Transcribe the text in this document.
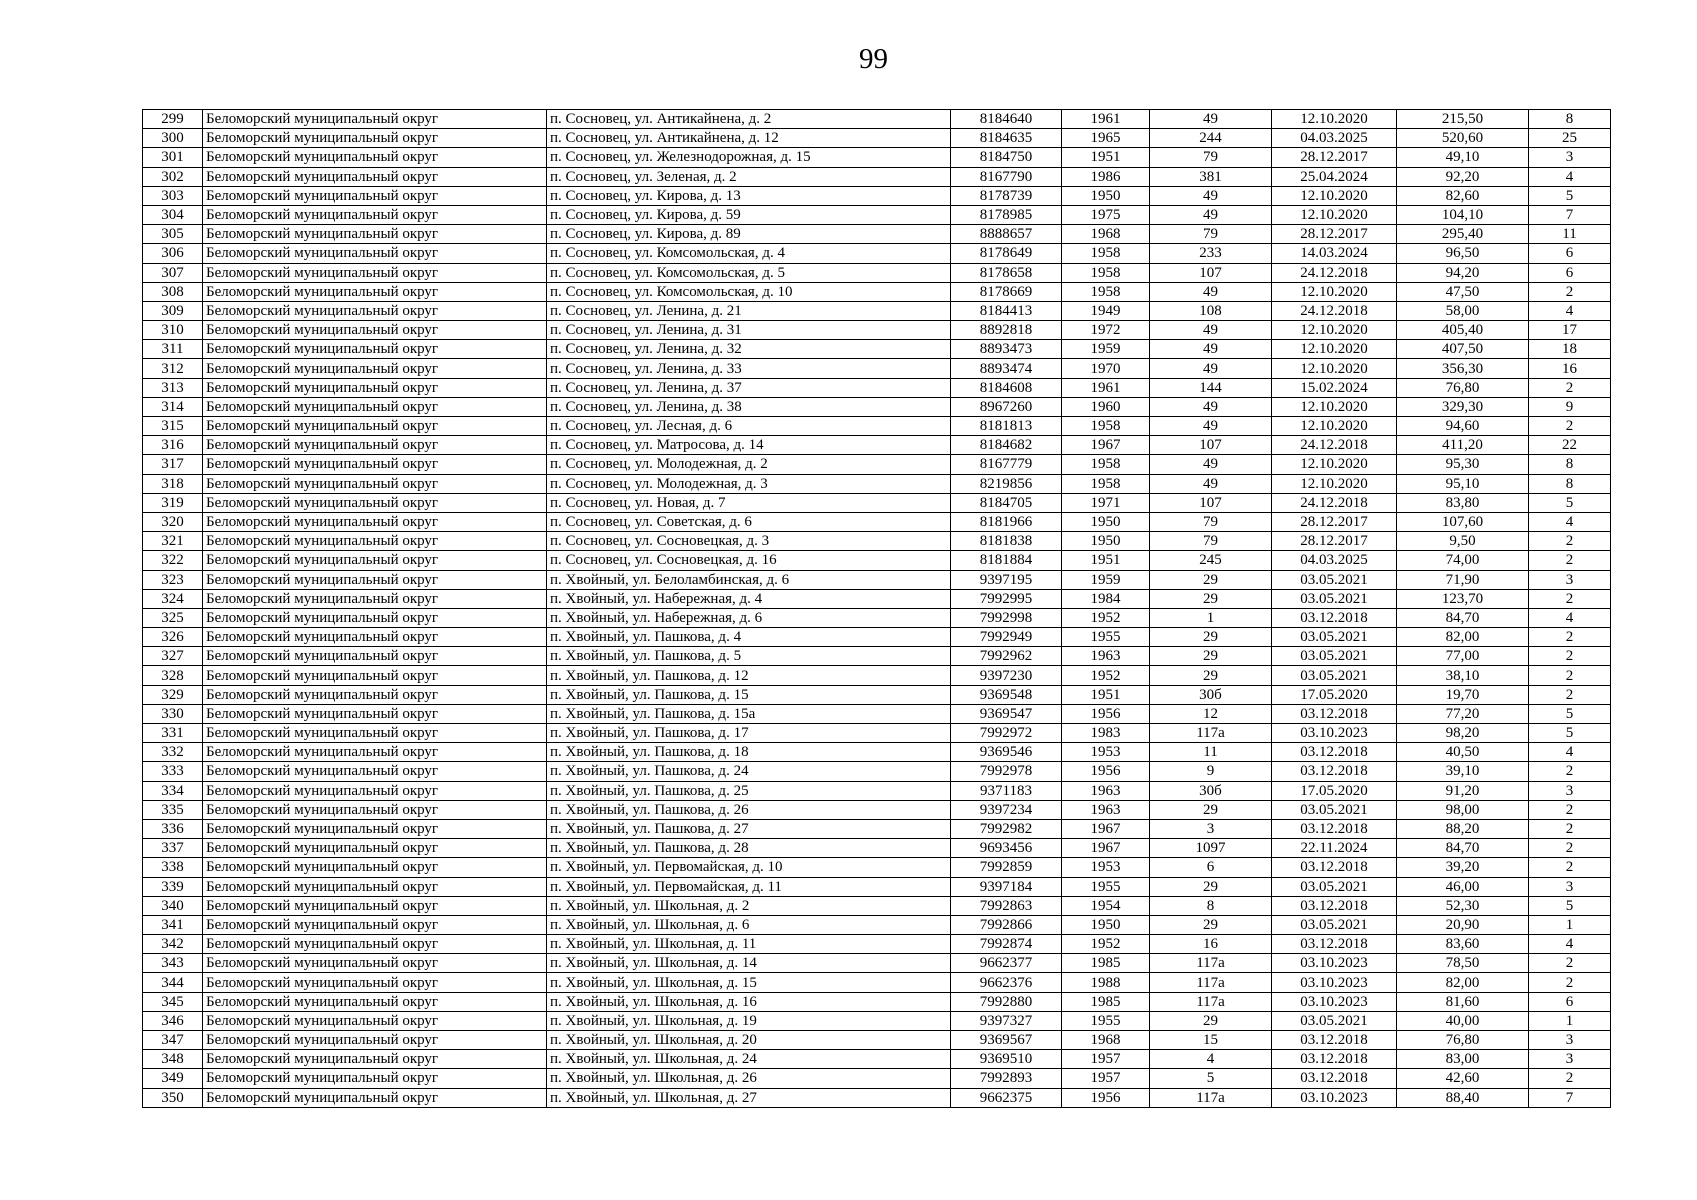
99
299	Беломорский муниципальный округ	п. Сосновец, ул. Антикайнена, д. 2	8184640	1961	49	12.10.2020	215,50	8
300	Беломорский муниципальный округ	п. Сосновец, ул. Антикайнена, д. 12	8184635	1965	244	04.03.2025	520,60	25
301	Беломорский муниципальный округ	п. Сосновец, ул. Железнодорожная, д. 15	8184750	1951	79	28.12.2017	49,10	3
302	Беломорский муниципальный округ	п. Сосновец, ул. Зеленая, д. 2	8167790	1986	381	25.04.2024	92,20	4
303	Беломорский муниципальный округ	п. Сосновец, ул. Кирова, д. 13	8178739	1950	49	12.10.2020	82,60	5
304	Беломорский муниципальный округ	п. Сосновец, ул. Кирова, д. 59	8178985	1975	49	12.10.2020	104,10	7
305	Беломорский муниципальный округ	п. Сосновец, ул. Кирова, д. 89	8888657	1968	79	28.12.2017	295,40	11
306	Беломорский муниципальный округ	п. Сосновец, ул. Комсомольская, д. 4	8178649	1958	233	14.03.2024	96,50	6
307	Беломорский муниципальный округ	п. Сосновец, ул. Комсомольская, д. 5	8178658	1958	107	24.12.2018	94,20	6
308	Беломорский муниципальный округ	п. Сосновец, ул. Комсомольская, д. 10	8178669	1958	49	12.10.2020	47,50	2
309	Беломорский муниципальный округ	п. Сосновец, ул. Ленина, д. 21	8184413	1949	108	24.12.2018	58,00	4
310	Беломорский муниципальный округ	п. Сосновец, ул. Ленина, д. 31	8892818	1972	49	12.10.2020	405,40	17
311	Беломорский муниципальный округ	п. Сосновец, ул. Ленина, д. 32	8893473	1959	49	12.10.2020	407,50	18
312	Беломорский муниципальный округ	п. Сосновец, ул. Ленина, д. 33	8893474	1970	49	12.10.2020	356,30	16
313	Беломорский муниципальный округ	п. Сосновец, ул. Ленина, д. 37	8184608	1961	144	15.02.2024	76,80	2
314	Беломорский муниципальный округ	п. Сосновец, ул. Ленина, д. 38	8967260	1960	49	12.10.2020	329,30	9
315	Беломорский муниципальный округ	п. Сосновец, ул. Лесная, д. 6	8181813	1958	49	12.10.2020	94,60	2
316	Беломорский муниципальный округ	п. Сосновец, ул. Матросова, д. 14	8184682	1967	107	24.12.2018	411,20	22
317	Беломорский муниципальный округ	п. Сосновец, ул. Молодежная, д. 2	8167779	1958	49	12.10.2020	95,30	8
318	Беломорский муниципальный округ	п. Сосновец, ул. Молодежная, д. 3	8219856	1958	49	12.10.2020	95,10	8
319	Беломорский муниципальный округ	п. Сосновец, ул. Новая, д. 7	8184705	1971	107	24.12.2018	83,80	5
320	Беломорский муниципальный округ	п. Сосновец, ул. Советская, д. 6	8181966	1950	79	28.12.2017	107,60	4
321	Беломорский муниципальный округ	п. Сосновец, ул. Сосновецкая, д. 3	8181838	1950	79	28.12.2017	9,50	2
322	Беломорский муниципальный округ	п. Сосновец, ул. Сосновецкая, д. 16	8181884	1951	245	04.03.2025	74,00	2
323	Беломорский муниципальный округ	п. Хвойный, ул. Белоламбинская, д. 6	9397195	1959	29	03.05.2021	71,90	3
324	Беломорский муниципальный округ	п. Хвойный, ул. Набережная, д. 4	7992995	1984	29	03.05.2021	123,70	2
325	Беломорский муниципальный округ	п. Хвойный, ул. Набережная, д. 6	7992998	1952	1	03.12.2018	84,70	4
326	Беломорский муниципальный округ	п. Хвойный, ул. Пашкова, д. 4	7992949	1955	29	03.05.2021	82,00	2
327	Беломорский муниципальный округ	п. Хвойный, ул. Пашкова, д. 5	7992962	1963	29	03.05.2021	77,00	2
328	Беломорский муниципальный округ	п. Хвойный, ул. Пашкова, д. 12	9397230	1952	29	03.05.2021	38,10	2
329	Беломорский муниципальный округ	п. Хвойный, ул. Пашкова, д. 15	9369548	1951	30б	17.05.2020	19,70	2
330	Беломорский муниципальный округ	п. Хвойный, ул. Пашкова, д. 15а	9369547	1956	12	03.12.2018	77,20	5
331	Беломорский муниципальный округ	п. Хвойный, ул. Пашкова, д. 17	7992972	1983	117а	03.10.2023	98,20	5
332	Беломорский муниципальный округ	п. Хвойный, ул. Пашкова, д. 18	9369546	1953	11	03.12.2018	40,50	4
333	Беломорский муниципальный округ	п. Хвойный, ул. Пашкова, д. 24	7992978	1956	9	03.12.2018	39,10	2
334	Беломорский муниципальный округ	п. Хвойный, ул. Пашкова, д. 25	9371183	1963	30б	17.05.2020	91,20	3
335	Беломорский муниципальный округ	п. Хвойный, ул. Пашкова, д. 26	9397234	1963	29	03.05.2021	98,00	2
336	Беломорский муниципальный округ	п. Хвойный, ул. Пашкова, д. 27	7992982	1967	3	03.12.2018	88,20	2
337	Беломорский муниципальный округ	п. Хвойный, ул. Пашкова, д. 28	9693456	1967	1097	22.11.2024	84,70	2
338	Беломорский муниципальный округ	п. Хвойный, ул. Первомайская, д. 10	7992859	1953	6	03.12.2018	39,20	2
339	Беломорский муниципальный округ	п. Хвойный, ул. Первомайская, д. 11	9397184	1955	29	03.05.2021	46,00	3
340	Беломорский муниципальный округ	п. Хвойный, ул. Школьная, д. 2	7992863	1954	8	03.12.2018	52,30	5
341	Беломорский муниципальный округ	п. Хвойный, ул. Школьная, д. 6	7992866	1950	29	03.05.2021	20,90	1
342	Беломорский муниципальный округ	п. Хвойный, ул. Школьная, д. 11	7992874	1952	16	03.12.2018	83,60	4
343	Беломорский муниципальный округ	п. Хвойный, ул. Школьная, д. 14	9662377	1985	117а	03.10.2023	78,50	2
344	Беломорский муниципальный округ	п. Хвойный, ул. Школьная, д. 15	9662376	1988	117а	03.10.2023	82,00	2
345	Беломорский муниципальный округ	п. Хвойный, ул. Школьная, д. 16	7992880	1985	117а	03.10.2023	81,60	6
346	Беломорский муниципальный округ	п. Хвойный, ул. Школьная, д. 19	9397327	1955	29	03.05.2021	40,00	1
347	Беломорский муниципальный округ	п. Хвойный, ул. Школьная, д. 20	9369567	1968	15	03.12.2018	76,80	3
348	Беломорский муниципальный округ	п. Хвойный, ул. Школьная, д. 24	9369510	1957	4	03.12.2018	83,00	3
349	Беломорский муниципальный округ	п. Хвойный, ул. Школьная, д. 26	7992893	1957	5	03.12.2018	42,60	2
350	Беломорский муниципальный округ	п. Хвойный, ул. Школьная, д. 27	9662375	1956	117а	03.10.2023	88,40	7
